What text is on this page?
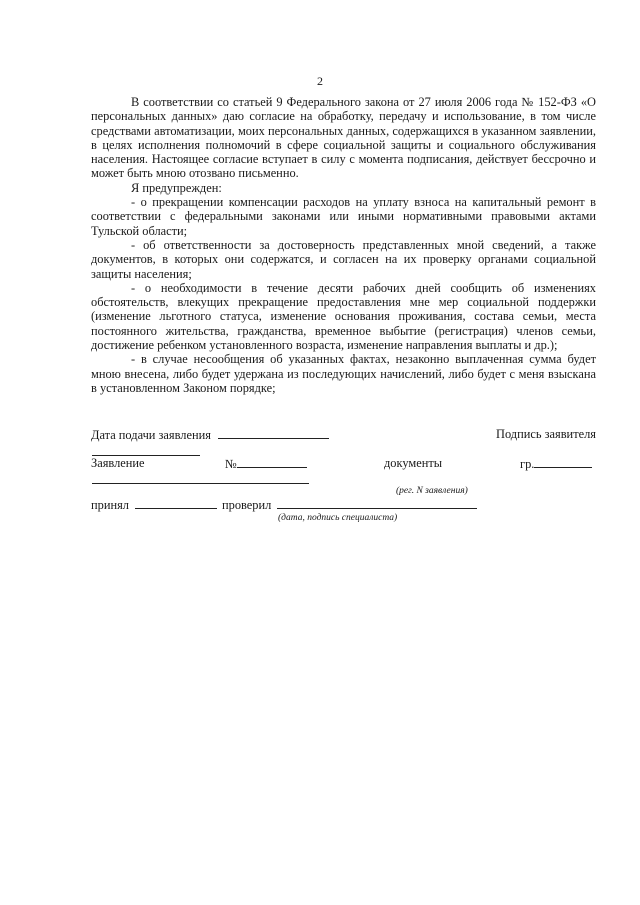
2

В соответствии со статьей 9 Федерального закона от 27 июля 2006 года № 152-ФЗ «О персональных данных» даю согласие на обработку, передачу и использование, в том числе средствами автоматизации, моих персональных данных, содержащихся в указанном заявлении, в целях исполнения полномочий в сфере социальной защиты и социального обслуживания населения. Настоящее согласие вступает в силу с момента подписания, действует бессрочно и может быть мною отозвано письменно.

Я предупрежден:

- о прекращении компенсации расходов на уплату взноса на капитальный ремонт в соответствии с федеральными законами или иными нормативными правовыми актами Тульской области;

- об ответственности за достоверность представленных мной сведений, а также документов, в которых они содержатся, и согласен на их проверку органами социальной защиты населения;

- о необходимости в течение десяти рабочих дней сообщить об изменениях обстоятельств, влекущих прекращение предоставления мне мер социальной поддержки (изменение льготного статуса, изменение основания проживания, состава семьи, места постоянного жительства, гражданства, временное выбытие (регистрация) членов семьи, достижение ребенком установленного возраста, изменение направления выплаты и др.);

- в случае несообщения об указанных фактах, незаконно выплаченная сумма будет мною внесена, либо будет удержана из последующих начислений, либо будет с меня взыскана в установленном Законом порядке;

Дата подачи заявления	Подпись заявителя
Заявление	№	документы	гр.
(рег. N заявления)
принял	проверил
(дата, подпись специалиста)
